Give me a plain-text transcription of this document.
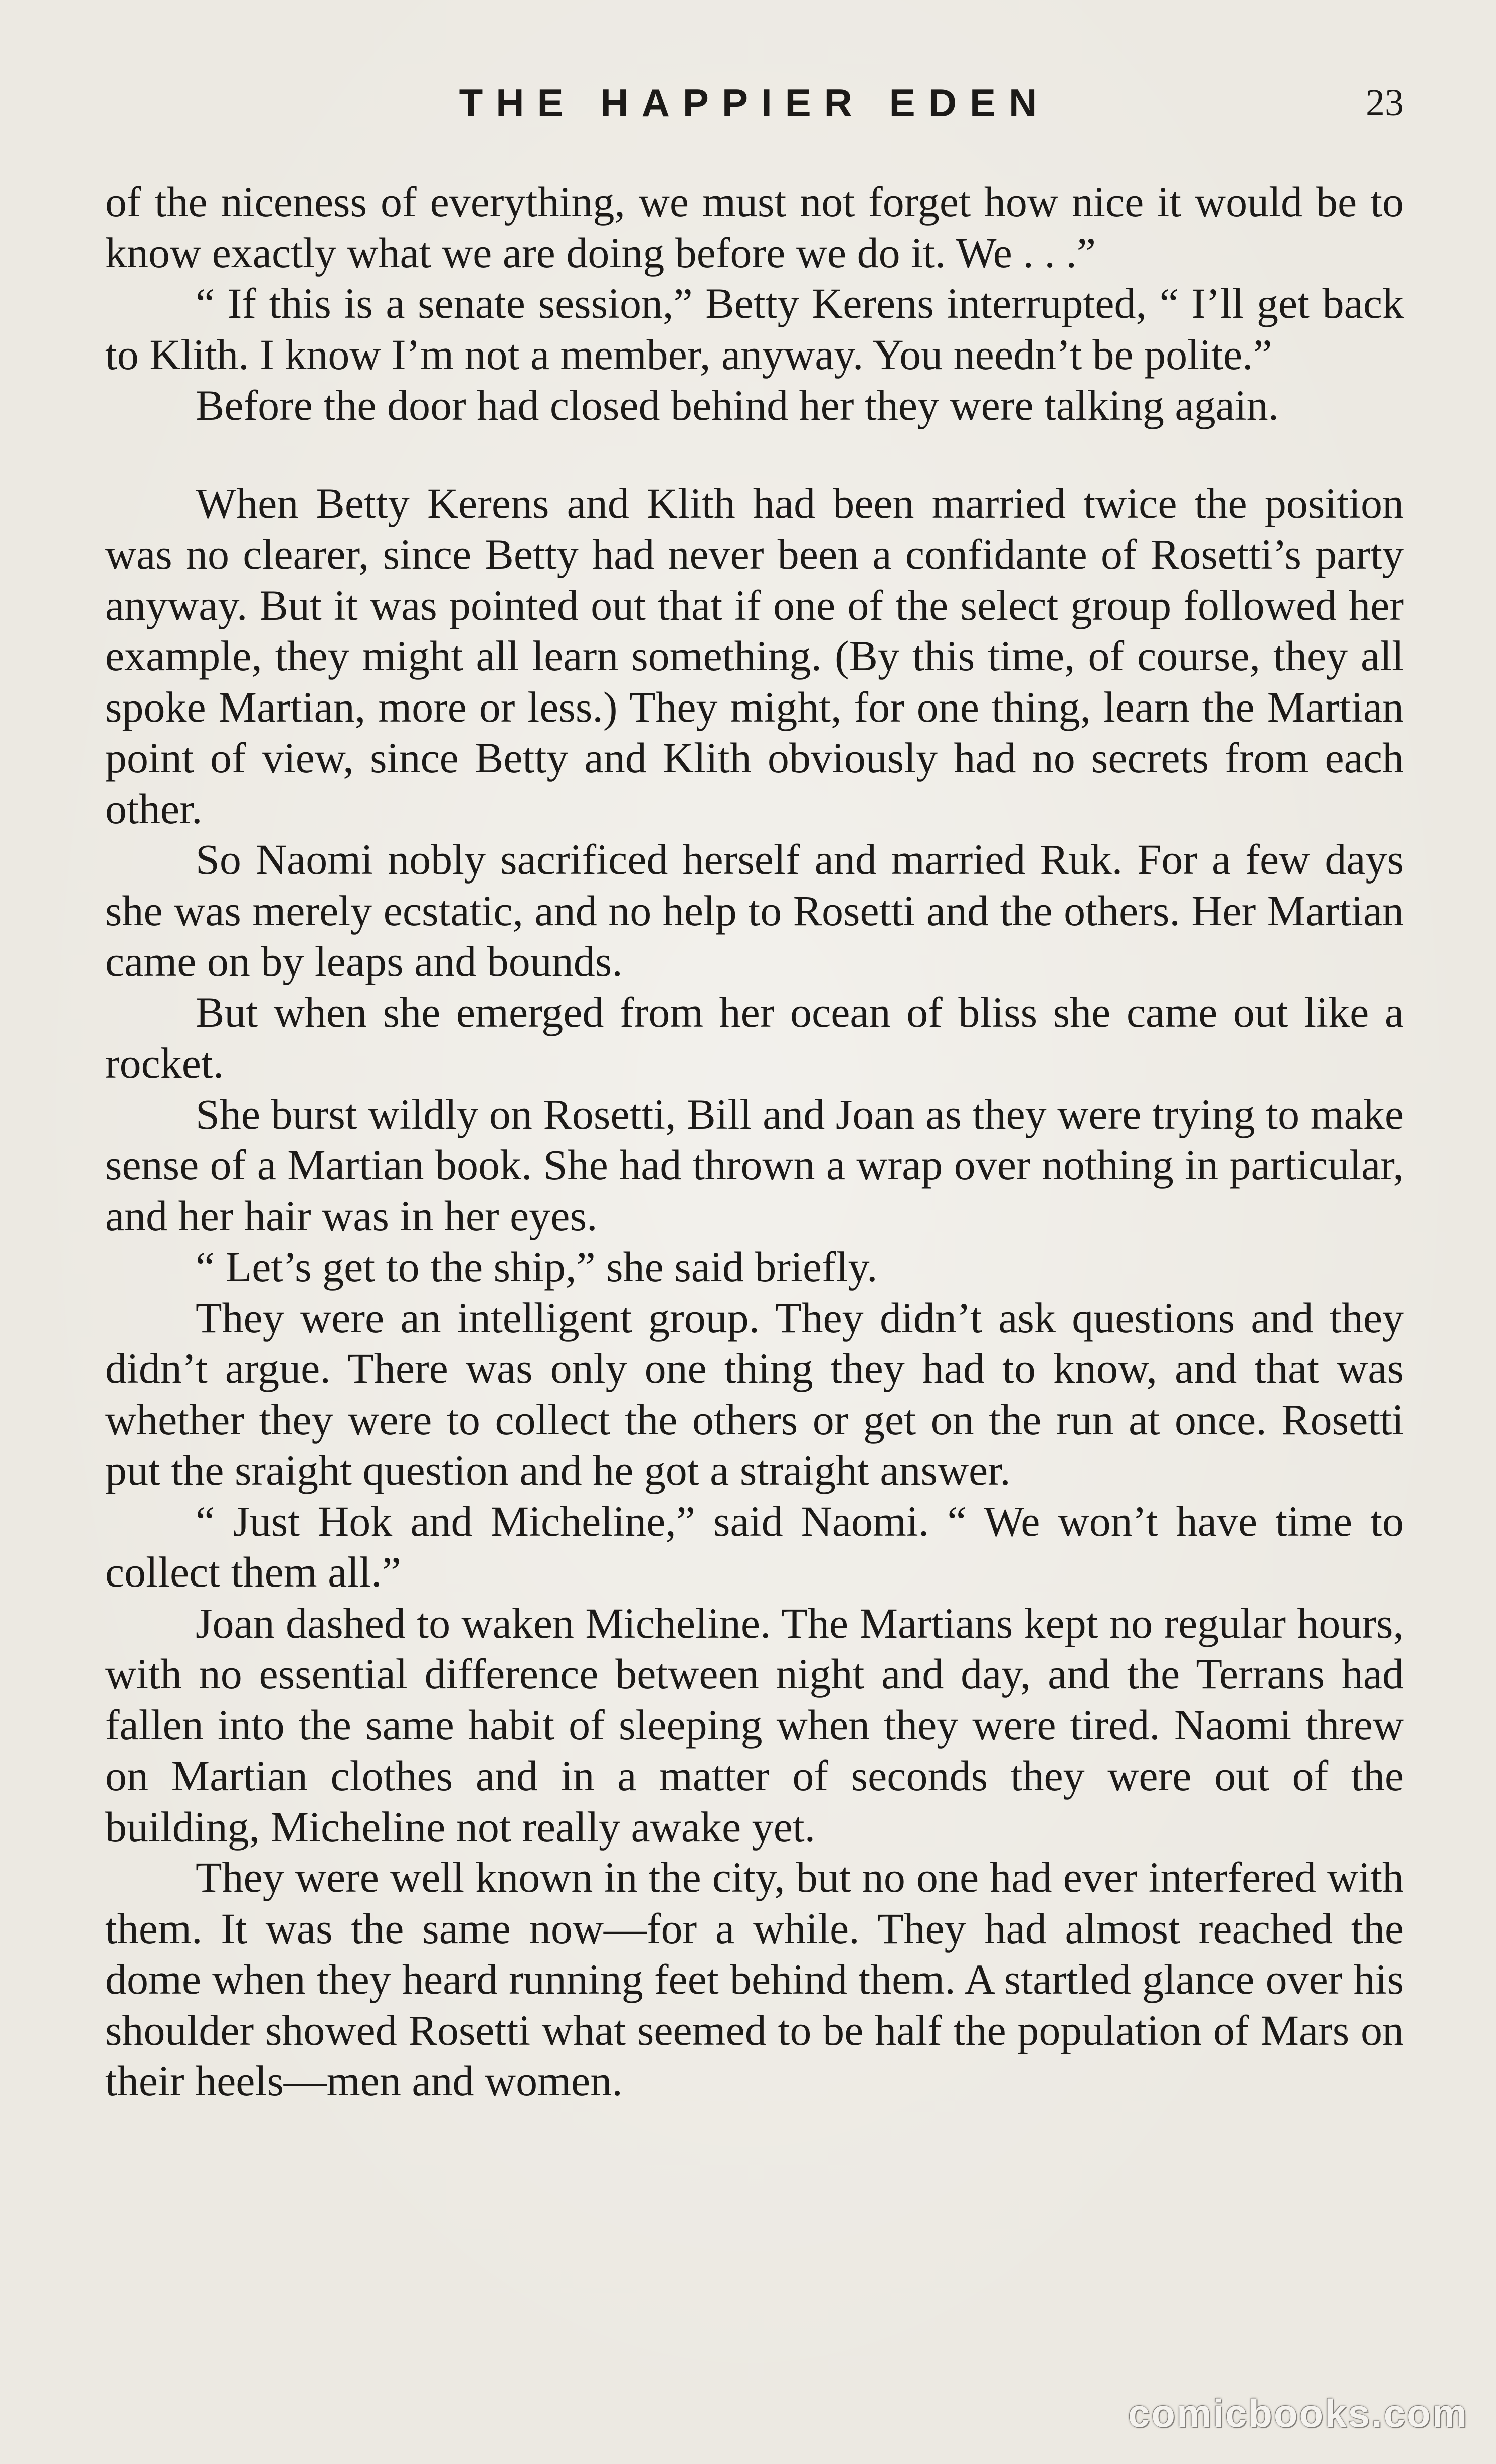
THE HAPPIER EDEN	23

of the niceness of everything, we must not forget how nice it would be to know exactly what we are doing before we do it. We . . .”

“ If this is a senate session,” Betty Kerens interrupted, “ I’ll get back to Klith. I know I’m not a member, anyway. You needn’t be polite.”

Before the door had closed behind her they were talking again.

When Betty Kerens and Klith had been married twice the position was no clearer, since Betty had never been a confidante of Rosetti’s party anyway. But it was pointed out that if one of the select group followed her example, they might all learn something. (By this time, of course, they all spoke Martian, more or less.) They might, for one thing, learn the Martian point of view, since Betty and Klith obviously had no secrets from each other.

So Naomi nobly sacrificed herself and married Ruk. For a few days she was merely ecstatic, and no help to Rosetti and the others. Her Martian came on by leaps and bounds.

But when she emerged from her ocean of bliss she came out like a rocket.

She burst wildly on Rosetti, Bill and Joan as they were trying to make sense of a Martian book. She had thrown a wrap over nothing in particular, and her hair was in her eyes.

“ Let’s get to the ship,” she said briefly.

They were an intelligent group. They didn’t ask questions and they didn’t argue. There was only one thing they had to know, and that was whether they were to collect the others or get on the run at once. Rosetti put the sraight question and he got a straight answer.

“ Just Hok and Micheline,” said Naomi. “ We won’t have time to collect them all.”

Joan dashed to waken Micheline. The Martians kept no regular hours, with no essential difference between night and day, and the Terrans had fallen into the same habit of sleeping when they were tired. Naomi threw on Martian clothes and in a matter of seconds they were out of the building, Micheline not really awake yet.

They were well known in the city, but no one had ever interfered with them. It was the same now—for a while. They had almost reached the dome when they heard running feet behind them. A startled glance over his shoulder showed Rosetti what seemed to be half the population of Mars on their heels—men and women.

comicbooks.com
